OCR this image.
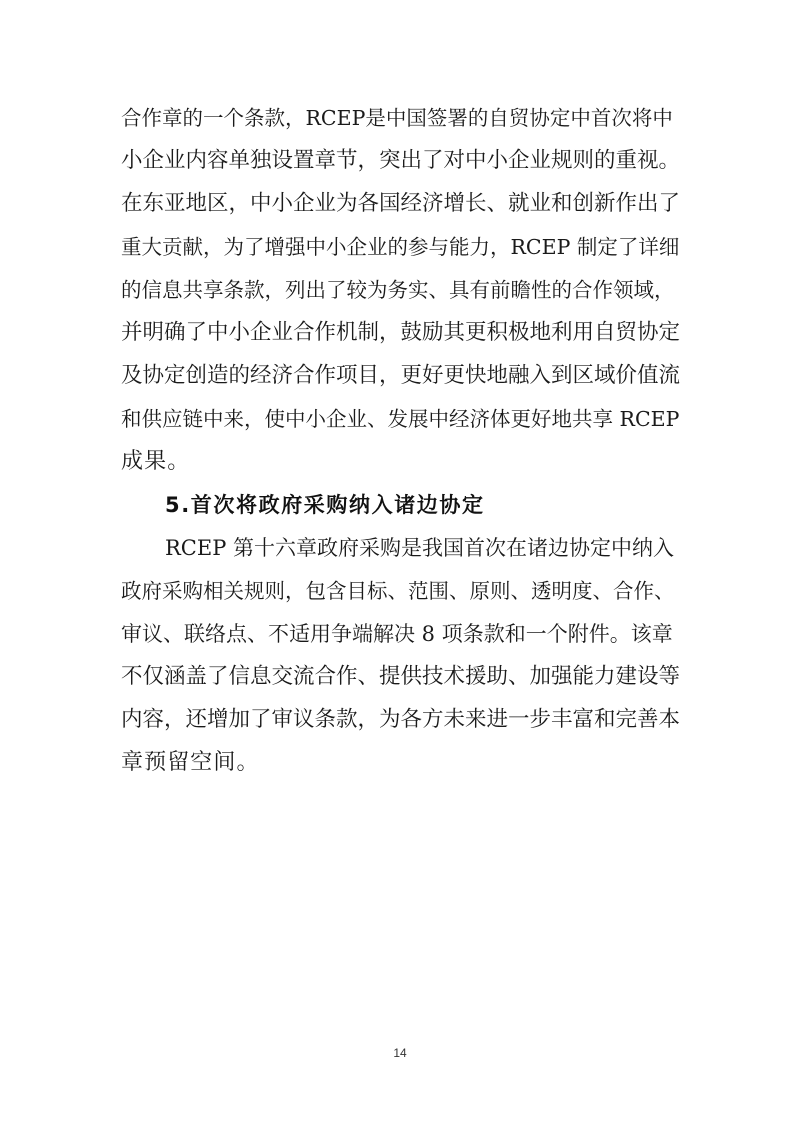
合作章的一个条款，RCEP是中国签署的自贸协定中首次将中
小企业内容单独设置章节，突出了对中小企业规则的重视。
在东亚地区，中小企业为各国经济增长、就业和创新作出了
重大贡献，为了增强中小企业的参与能力，RCEP 制定了详细
的信息共享条款，列出了较为务实、具有前瞻性的合作领域，
并明确了中小企业合作机制，鼓励其更积极地利用自贸协定
及协定创造的经济合作项目，更好更快地融入到区域价值流
和供应链中来，使中小企业、发展中经济体更好地共享 RCEP
成果。
5.首次将政府采购纳入诸边协定
RCEP 第十六章政府采购是我国首次在诸边协定中纳入
政府采购相关规则，包含目标、范围、原则、透明度、合作、
审议、联络点、不适用争端解决 8 项条款和一个附件。该章
不仅涵盖了信息交流合作、提供技术援助、加强能力建设等
内容，还增加了审议条款，为各方未来进一步丰富和完善本
章预留空间。
14
